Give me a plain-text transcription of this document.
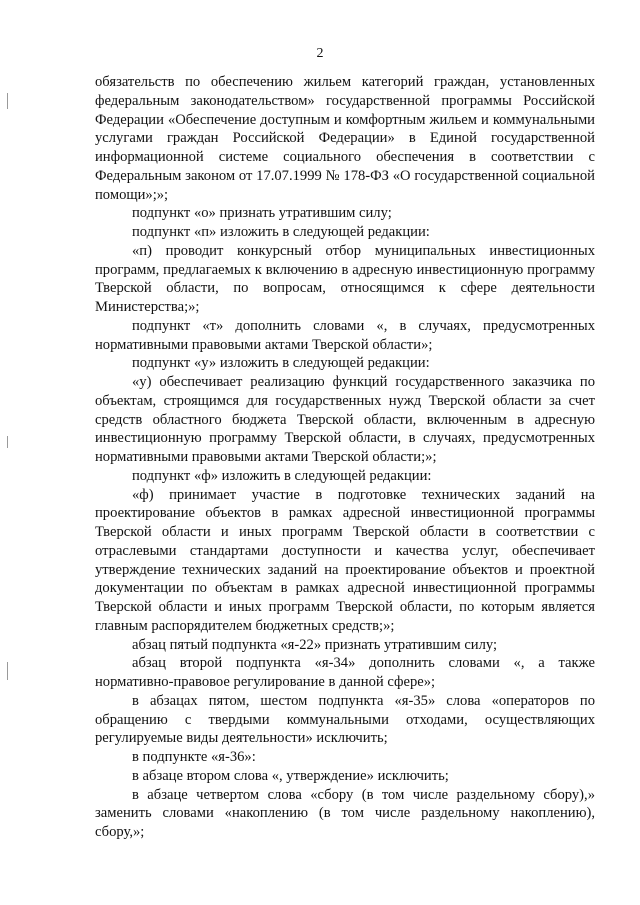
2

обязательств по обеспечению жильем категорий граждан, установленных федеральным законодательством» государственной программы Российской Федерации «Обеспечение доступным и комфортным жильем и коммунальными услугами граждан Российской Федерации» в Единой государственной информационной системе социального обеспечения в соответствии с Федеральным законом от 17.07.1999 № 178-ФЗ «О государственной социальной помощи»;»;

подпункт «о» признать утратившим силу;

подпункт «п» изложить в следующей редакции:

«п) проводит конкурсный отбор муниципальных инвестиционных программ, предлагаемых к включению в адресную инвестиционную программу Тверской области, по вопросам, относящимся к сфере деятельности Министерства;»;

подпункт «т» дополнить словами «, в случаях, предусмотренных нормативными правовыми актами Тверской области»;

подпункт «у» изложить в следующей редакции:

«у) обеспечивает реализацию функций государственного заказчика по объектам, строящимся для государственных нужд Тверской области за счет средств областного бюджета Тверской области, включенным в адресную инвестиционную программу Тверской области, в случаях, предусмотренных нормативными правовыми актами Тверской области;»;

подпункт «ф» изложить в следующей редакции:

«ф) принимает участие в подготовке технических заданий на проектирование объектов в рамках адресной инвестиционной программы Тверской области и иных программ Тверской области в соответствии с отраслевыми стандартами доступности и качества услуг, обеспечивает утверждение технических заданий на проектирование объектов и проектной документации по объектам в рамках адресной инвестиционной программы Тверской области и иных программ Тверской области, по которым является главным распорядителем бюджетных средств;»;

абзац пятый подпункта «я-22» признать утратившим силу;

абзац второй подпункта «я-34» дополнить словами «, а также нормативно-правовое регулирование в данной сфере»;

в абзацах пятом, шестом подпункта «я-35» слова «операторов по обращению с твердыми коммунальными отходами, осуществляющих регулируемые виды деятельности» исключить;

в подпункте «я-36»:

в абзаце втором слова «, утверждение» исключить;

в абзаце четвертом слова «сбору (в том числе раздельному сбору),» заменить словами «накоплению (в том числе раздельному накоплению), сбору,»;
